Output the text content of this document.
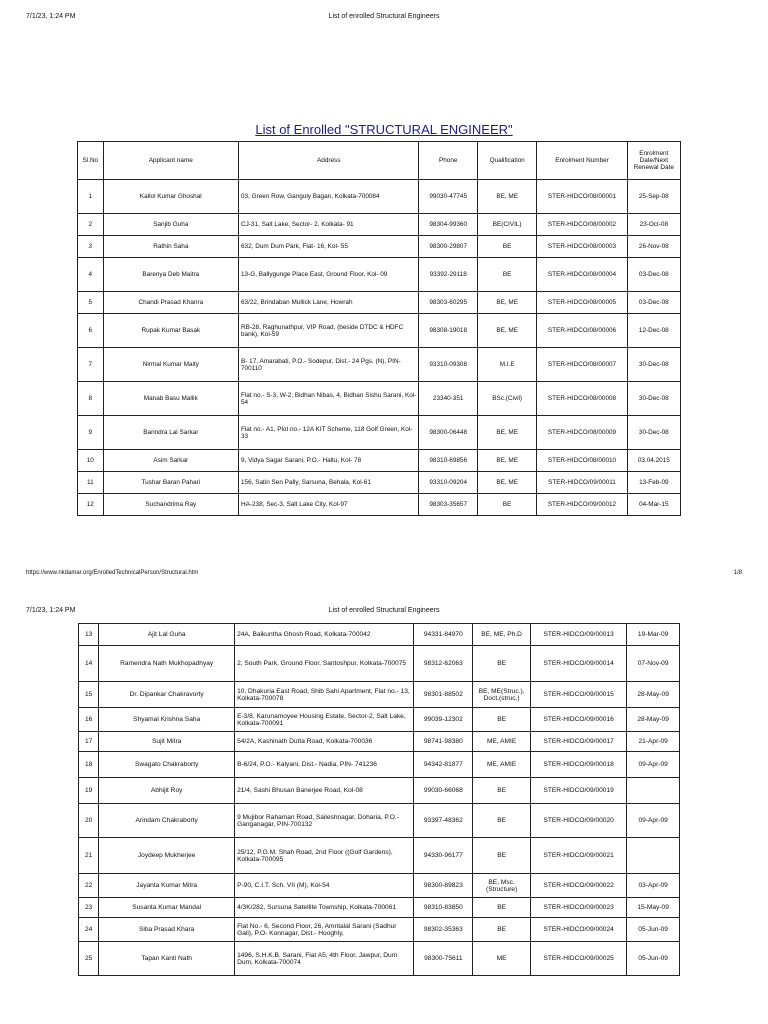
7/1/23, 1:24 PM	List of enrolled Structural Engineers
List of Enrolled "STRUCTURAL ENGINEER"
Sl.No	Applicant name	Address	Phone	Qualification	Enrolment Number	Enrolment Date/Next Renewal Date
1	Kallol Kumar Ghoshal	03, Green Row, Ganguly Bagan, Kolkata-700084	99030-47745	BE, ME	STER-HIDCO/08/00001	25-Sep-08
2	Sanjib Guha	CJ-31, Salt Lake, Sector- 2, Kolkata- 91	98304-99360	BE(CIVIL)	STER-HIDCO/08/00002	23-Oct-08
3	Rathin Saha	632, Dum Dum Park, Flat- 16, Kol- 55	98300-29807	BE	STER-HIDCO/08/00003	26-Nov-08
4	Barenya Deb Maitra	13-G, Ballygunge Place East, Ground Floor, Kol- 09	93392-29118	BE	STER-HIDCO/08/00004	03-Dec-08
5	Chandi Prasad Khanra	63/22, Brindaban Mullick Lane, Howrah	98303-60295	BE, ME	STER-HIDCO/08/00005	03-Dec-08
6	Rupak Kumar Basak	RB-28, Raghunathpur, VIP Road, (beside DTDC & HDFC bank), Kol-59	98308-19018	BE, ME	STER-HIDCO/08/00006	12-Dec-08
7	Nirmal Kumar Maity	B- 17, Amarabati, P.O.- Sodepur, Dist.- 24 Pgs. (N), PIN- 700110	93310-09308	M.I.E	STER-HIDCO/08/00007	30-Dec-08
8	Manab Basu Mallik	Flat no.- S-3, W-2, Bidhan Nibas, 4, Bidhan Sishu Sarani, Kol-54	23340-351	BSc.(Civil)	STER-HIDCO/08/00008	30-Dec-08
9	Barindra Lal Sarkar	Flat no.- A1, Plot no.- 12A KIT Scheme, 118 Golf Green, Kol-33	98300-06448	BE, ME	STER-HIDCO/08/00009	30-Dec-08
10	Asim Sarkar	9, Vidya Sagar Sarani, P.O.- Haltu, Kol- 78	98310-69856	BE, ME	STER-HIDCO/08/00010	03.04.2015
11	Tushar Baran Pahari	156, Satin Sen Pally, Sarsuna, Behala, Kol-61	93310-09204	BE, ME	STER-HIDCO/09/00011	13-Feb-09
12	Suchandrima Ray	HA-238, Sec-3, Salt Lake City, Kol-97	98303-35657	BE	STER-HIDCO/09/00012	04-Mar-15
https://www.nkdamar.org/EnrolledTechnicalPerson/Structural.htm	1/8
7/1/23, 1:24 PM	List of enrolled Structural Engineers
13	Ajit Lal Guha	24A, Baikuntha Ghosh Road, Kolkata-700042	94331-84970	BE, ME, Ph.D	STER-HIDCO/09/00013	19-Mar-09
14	Ramendra Nath Mukhopadhyay	2, South Park, Ground Floor, Santoshpur, Kolkata-700075	98312-62063	BE	STER-HIDCO/09/00014	07-Nov-09
15	Dr. Dipankar Chakravorty	10, Dhakuria East Road, Shib Sahi Apartment, Flat no.- 13, Kolkata-700078	98301-88502	BE, ME(Struc.), Doct.(struc.)	STER-HIDCO/09/00015	28-May-09
16	Shyamal Krishna Saha	E-3/8, Karunamoyee Housing Estate, Sector-2, Salt Lake, Kolkata-700091	99039-12302	BE	STER-HIDCO/09/00016	28-May-09
17	Sujit Mitra	54/2A, Kashinath Dutta Road, Kolkata-700036	98741-98380	ME, AMIE	STER-HIDCO/09/00017	21-Apr-09
18	Swagato Chakraborty	B-6/24, P.O.- Kalyani, Dist.- Nadia, PIN- 741236	94342-81877	ME, AMIE	STER-HIDCO/09/00018	09-Apr-09
19	Abhijit Roy	21/4, Sashi Bhusan Banerjee Road, Kol-08	99030-66068	BE	STER-HIDCO/09/00019	
20	Arindam Chakraborty	9 Mujibor Rahaman Road, Saileshnagar, Doharia, P.O.- Ganganagar, PIN-700132	93397-48362	BE	STER-HIDCO/09/00020	09-Apr-09
21	Joydeep Mukherjee	25/12, P.G.M. Shah Road, 2nd Floor ((Golf Gardens), Kolkata-700095	94330-96177	BE	STER-HIDCO/09/00021	
22	Jayanta Kumar Mitra	P-90, C.I.T. Sch. VII (M), Kol-54	98300-89823	BE, Msc.(Structure)	STER-HIDCO/09/00022	03-Apr-09
23	Susanta Kumar Mandal	4/3K/282, Sursuna Satellite Township, Kolkata-700061	98310-83850	BE	STER-HIDCO/09/00023	15-May-09
24	Siba Prasad Khara	Flat No.- 6, Second Floor, 26, Amritalal Sarani (Sadhur Gali), P.O- Konnagar, Dist.- Hooghly,	98302-35363	BE	STER-HIDCO/09/00024	05-Jun-09
25	Tapan Kanti Nath	1496, S.H.K.B. Sarani, Flat A5, 4th Floor, Jawpur, Dum Dum, Kolkata-700074	98300-75611	ME	STER-HIDCO/09/00025	05-Jun-09
